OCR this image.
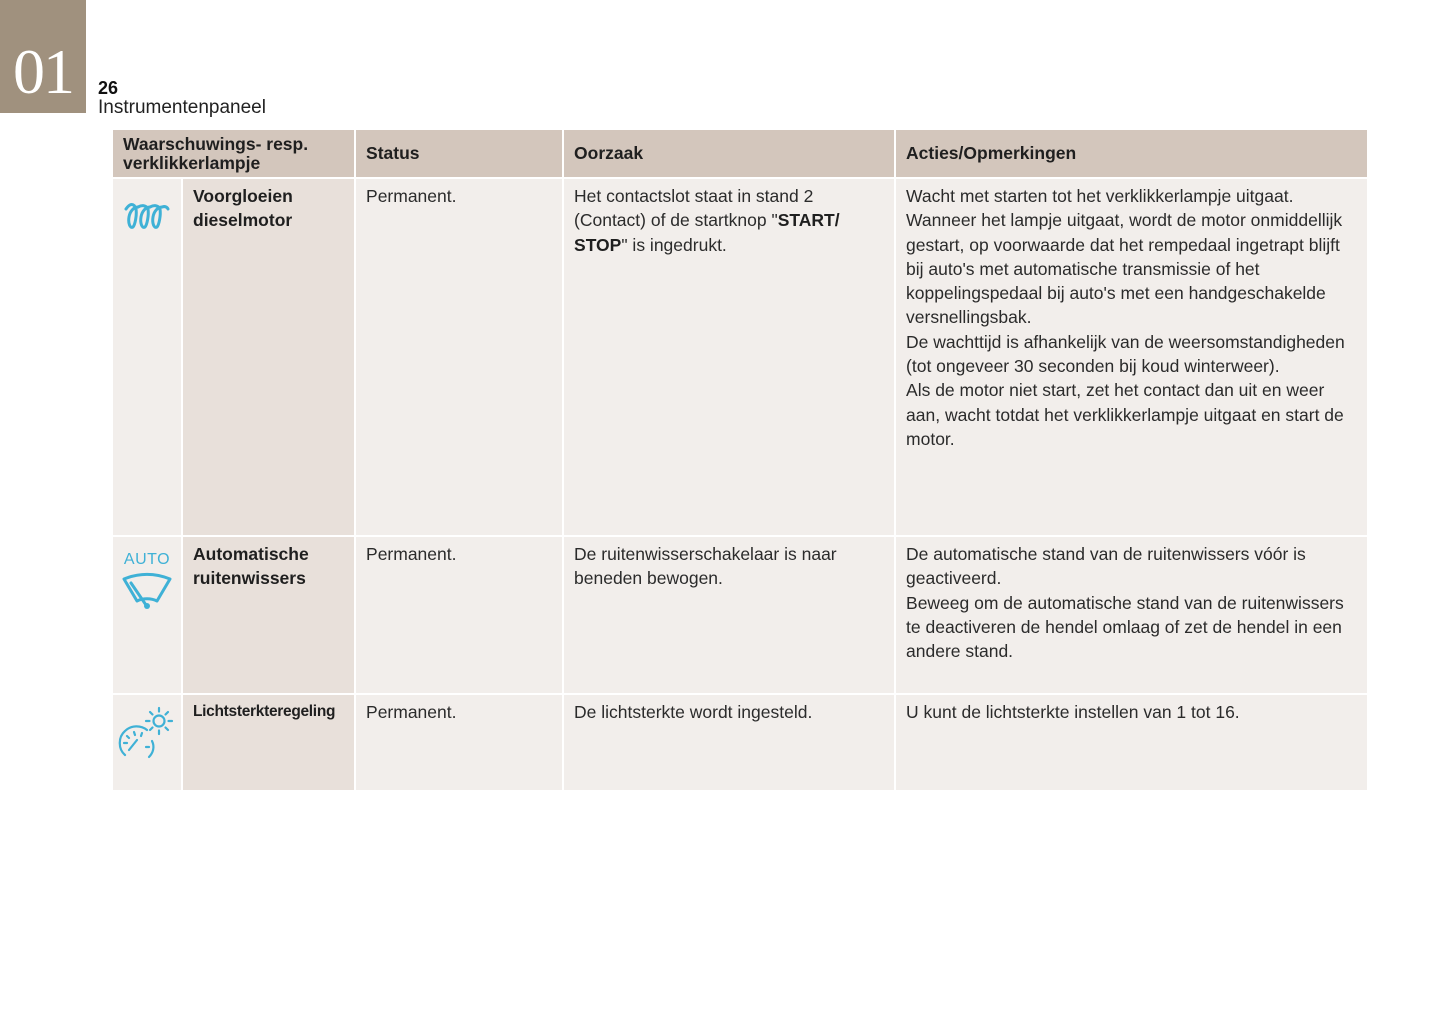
01	26
Instrumentenpaneel
Waarschuwings- resp. verklikkerlampje		Status	Oorzaak	Acties/Opmerkingen
	Voorgloeien dieselmotor	Permanent.	Het contactslot staat in stand 2 (Contact) of de startknop "START/ STOP" is ingedrukt.	Wacht met starten tot het verklikkerlampje uitgaat.

Wanneer het lampje uitgaat, wordt de motor onmiddellijk gestart, op voorwaarde dat het rempedaal ingetrapt blijft bij auto's met automatische transmissie of het koppelingspedaal bij auto's met een handgeschakelde versnellingsbak.

De wachttijd is afhankelijk van de weersomstandigheden (tot ongeveer 30 seconden bij koud winterweer).

Als de motor niet start, zet het contact dan uit en weer aan, wacht totdat het verklikkerlampje uitgaat en start de motor.

AUTO	Automatische ruitenwissers	Permanent.	De ruitenwisserschakelaar is naar beneden bewogen.	De automatische stand van de ruitenwissers vóór is geactiveerd.

Beweeg om de automatische stand van de ruitenwissers te deactiveren de hendel omlaag of zet de hendel in een andere stand.

	Lichtsterkteregeling	Permanent.	De lichtsterkte wordt ingesteld.	U kunt de lichtsterkte instellen van 1 tot 16.
